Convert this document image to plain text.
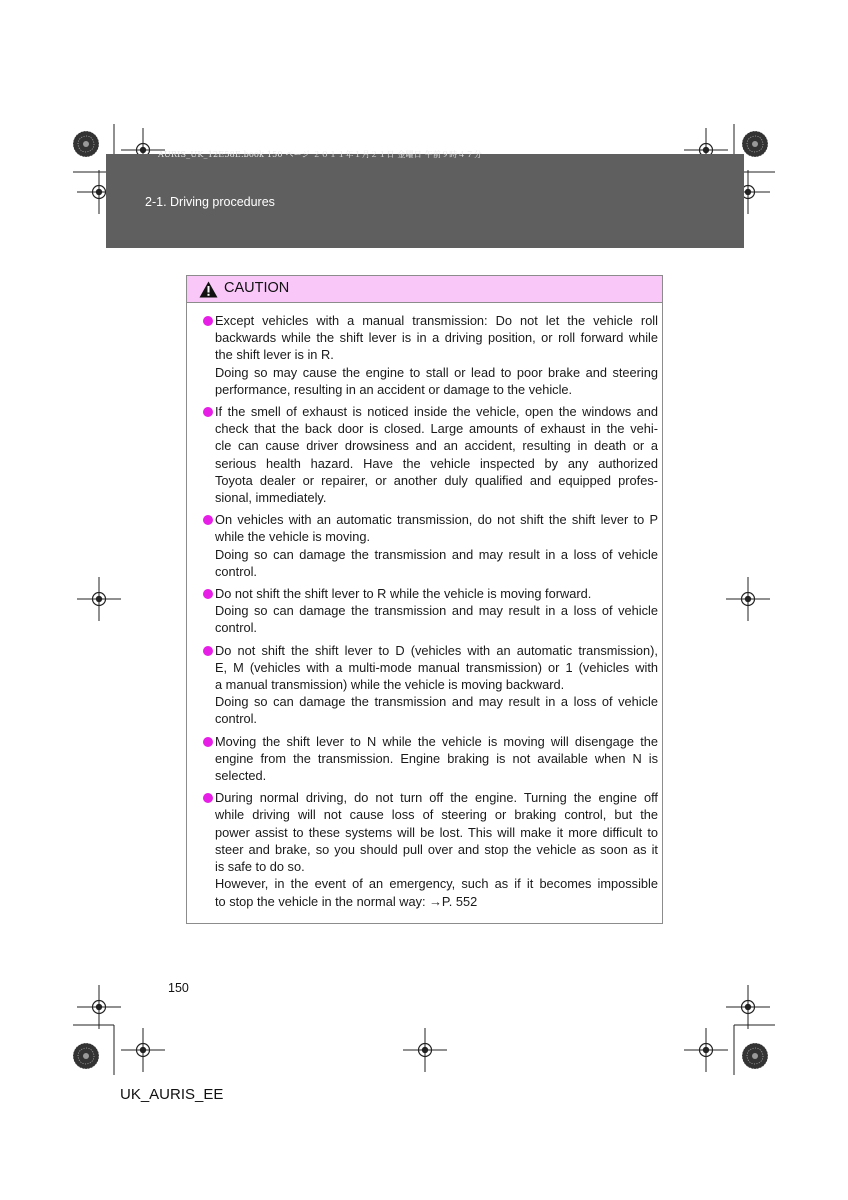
AURIS_UK_12E58E.book 150 ページ ２０１１年１月２１日 金曜日 午前９時４７分
2-1. Driving procedures
CAUTION
Except vehicles with a manual transmission: Do not let the vehicle roll
backwards while the shift lever is in a driving position, or roll forward while
the shift lever is in R.
Doing so may cause the engine to stall or lead to poor brake and steering
performance, resulting in an accident or damage to the vehicle.
If the smell of exhaust is noticed inside the vehicle, open the windows and
check that the back door is closed. Large amounts of exhaust in the vehi-
cle can cause driver drowsiness and an accident, resulting in death or a
serious health hazard. Have the vehicle inspected by any authorized
Toyota dealer or repairer, or another duly qualified and equipped profes-
sional, immediately.
On vehicles with an automatic transmission, do not shift the shift lever to P
while the vehicle is moving.
Doing so can damage the transmission and may result in a loss of vehicle
control.
Do not shift the shift lever to R while the vehicle is moving forward.
Doing so can damage the transmission and may result in a loss of vehicle
control.
Do not shift the shift lever to D (vehicles with an automatic transmission),
E, M (vehicles with a multi-mode manual transmission) or 1 (vehicles with
a manual transmission) while the vehicle is moving backward.
Doing so can damage the transmission and may result in a loss of vehicle
control.
Moving the shift lever to N while the vehicle is moving will disengage the
engine from the transmission. Engine braking is not available when N is
selected.
During normal driving, do not turn off the engine. Turning the engine off
while driving will not cause loss of steering or braking control, but the
power assist to these systems will be lost. This will make it more difficult to
steer and brake, so you should pull over and stop the vehicle as soon as it
is safe to do so.
However, in the event of an emergency, such as if it becomes impossible
to stop the vehicle in the normal way: →P. 552
150
UK_AURIS_EE
